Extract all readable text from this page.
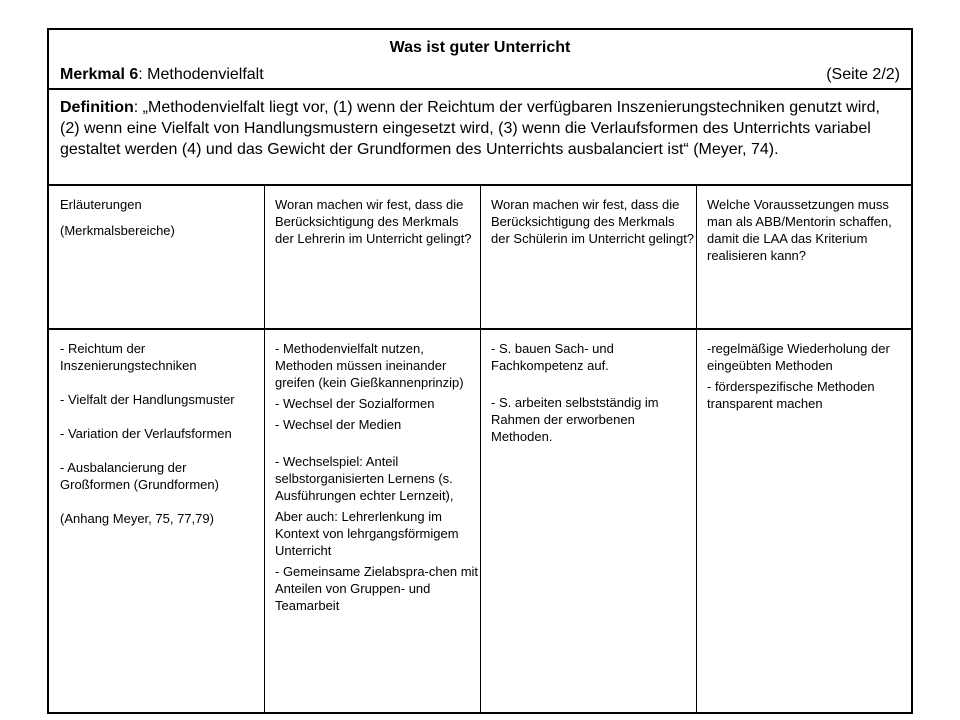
Was ist guter Unterricht
Merkmal 6: Methodenvielfalt	(Seite 2/2)
Definition: „Methodenvielfalt liegt vor, (1) wenn der Reichtum der verfügbaren Inszenierungstechniken genutzt wird, (2) wenn eine Vielfalt von Handlungsmustern eingesetzt wird, (3) wenn die Verlaufsformen des Unterrichts variabel gestaltet werden (4) und das Gewicht der Grundformen des Unterrichts ausbalanciert ist“ (Meyer, 74).

Erläuterungen

(Merkmalsbereiche)

Woran machen wir fest, dass die Berücksichtigung des Merkmals der Lehrerin im Unterricht gelingt?

Woran machen wir fest, dass die Berücksichtigung des Merkmals der Schülerin im Unterricht gelingt?

Welche Voraussetzungen muss man als ABB/Mentorin schaffen, damit die LAA das Kriterium realisieren kann?

- Reichtum der Inszenierungstechniken

- Vielfalt der Handlungsmuster

- Variation der Verlaufsformen

- Ausbalancierung der Großformen (Grundformen)

(Anhang Meyer, 75, 77,79)

- Methodenvielfalt nutzen, Methoden müssen ineinander greifen (kein Gießkannenprinzip)

- Wechsel der Sozialformen

- Wechsel der Medien

- Wechselspiel: Anteil selbstorganisierten Lernens (s. Ausführungen echter Lernzeit),

Aber auch: Lehrerlenkung im Kontext von lehrgangsförmigem Unterricht

- Gemeinsame Zielabspra-chen mit Anteilen von Gruppen- und Teamarbeit

- S. bauen Sach- und Fachkompetenz auf.

- S. arbeiten selbstständig im Rahmen der erworbenen Methoden.

-regelmäßige Wiederholung der eingeübten Methoden

- förderspezifische Methoden transparent machen
